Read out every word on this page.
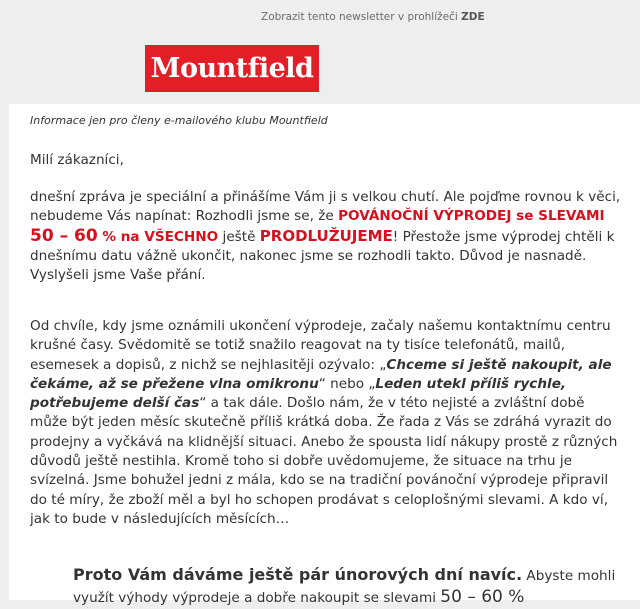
Zobrazit tento newsletter v prohlížeči ZDE
Mountfield
Informace jen pro členy e-mailového klubu Mountfield
Milí zákazníci,
dnešní zpráva je speciální a přinášíme Vám ji s velkou chutí. Ale pojďme rovnou k věci, nebudeme Vás napínat: Rozhodli jsme se, že POVÁNOČNÍ VÝPRODEJ se SLEVAMI 50 – 60 % na VŠECHNO ještě PRODLUŽUJEME! Přestože jsme výprodej chtěli k dnešnímu datu vážně ukončit, nakonec jsme se rozhodli takto. Důvod je nasnadě. Vyslyšeli jsme Vaše přání.
Od chvíle, kdy jsme oznámili ukončení výprodeje, začaly našemu kontaktnímu centru krušné časy. Svědomitě se totiž snažilo reagovat na ty tisíce telefonátů, mailů, esemesek a dopisů, z nichž se nejhlasitěji ozývalo: „Chceme si ještě nakoupit, ale čekáme, až se přežene vlna omikronu“ nebo „Leden utekl příliš rychle, potřebujeme delší čas“ a tak dále. Došlo nám, že v této nejisté a zvláštní době může být jeden měsíc skutečně příliš krátká doba. Že řada z Vás se zdráhá vyrazit do prodejny a vyčkává na klidnější situaci. Anebo že spousta lidí nákupy prostě z různých důvodů ještě nestihla. Kromě toho si dobře uvědomujeme, že situace na trhu je svízelná. Jsme bohužel jedni z mála, kdo se na tradiční povánoční výprodeje připravil do té míry, že zboží měl a byl ho schopen prodávat s celoplošnými slevami. A kdo ví, jak to bude v následujících měsících…
Proto Vám dáváme ještě pár únorových dní navíc. Abyste mohli využít výhody výprodeje a dobře nakoupit se slevami 50 – 60 %
